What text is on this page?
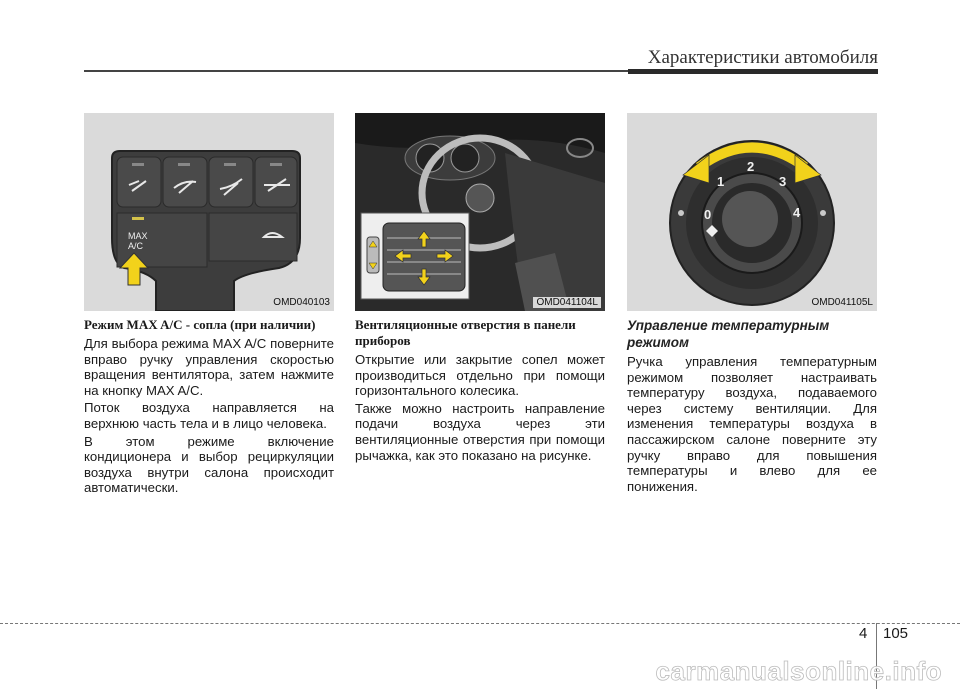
Характеристики автомобиля
MAX
A/C
OMD040103	OMD041104L
0
1
2
3
4
OMD041105L

Режим MAX A/C - сопла (при наличии)

Для выбора режима MAX A/C поверните вправо ручку управления скоростью вращения вентилятора, затем нажмите на кнопку MAX A/C.

Поток воздуха направляется на верхнюю часть тела и в лицо человека.

В этом режиме включение кондиционера и выбор рециркуляции воздуха внутри салона происходит автоматически.

Вентиляционные отверстия в панели приборов

Открытие или закрытие сопел может производиться отдельно при помощи горизонтального колесика.

Также можно настроить направление подачи воздуха через эти вентиляционные отверстия при помощи рычажка, как это показано на рисунке.

Управление температурным режимом

Ручка управления температурным режимом позволяет настраивать температуру воздуха, подаваемого через систему вентиляции. Для изменения температуры воздуха в пассажирском салоне поверните эту ручку вправо для повышения температуры и влево для ее понижения.

4 105
carmanualsonline.info
